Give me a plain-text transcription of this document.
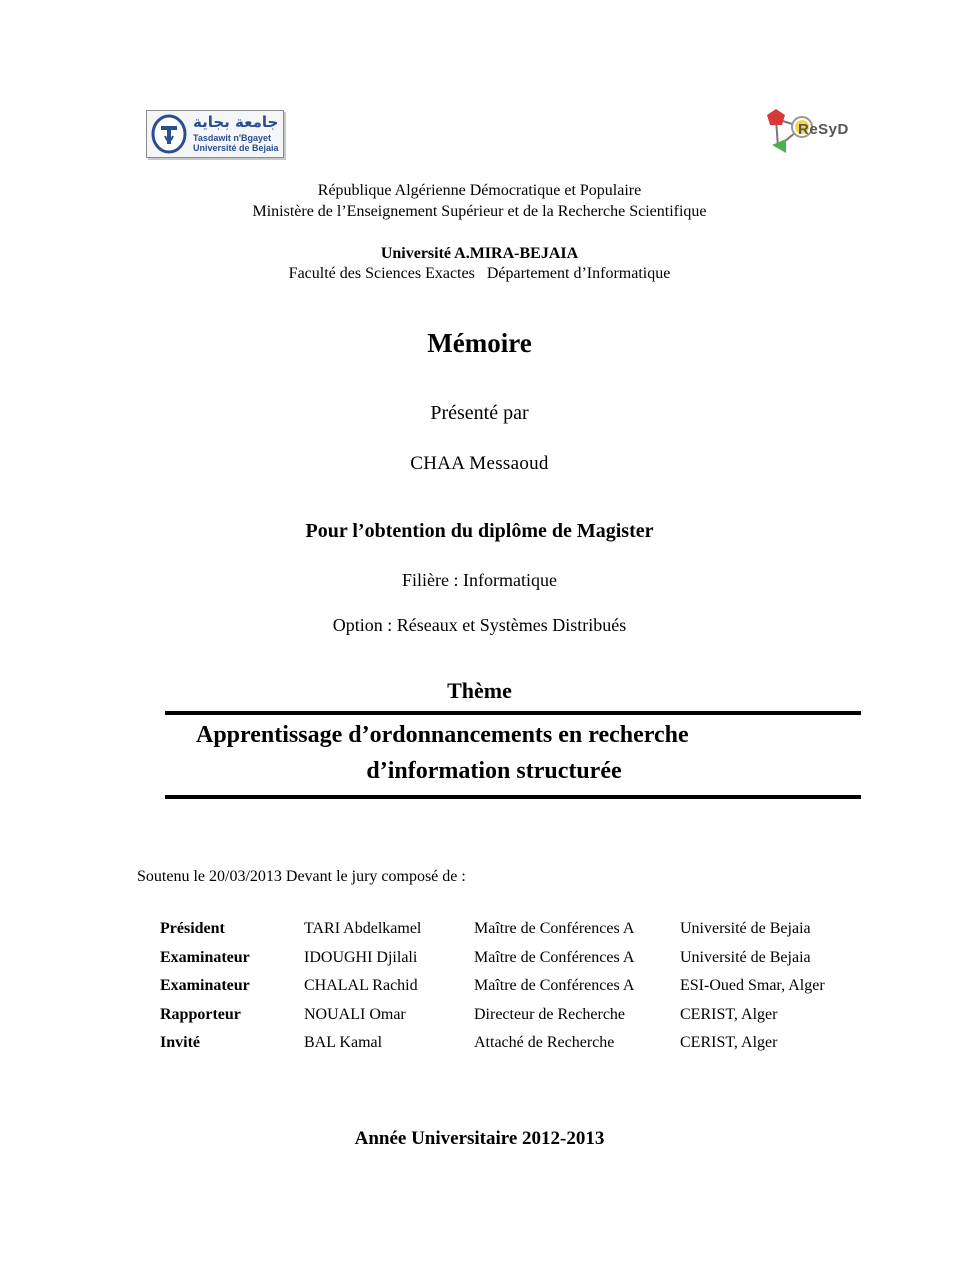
جامعة بجاية
Tasdawit n'Bgayet
Université de Bejaia
ReSyD
République Algérienne Démocratique et Populaire
Ministère de l’Enseignement Supérieur et de la Recherche Scientifique
Université A.MIRA-BEJAIA
Faculté des Sciences Exactes Département d’Informatique
Mémoire
Présenté par
CHAA Messaoud
Pour l’obtention du diplôme de Magister
Filière : Informatique
Option : Réseaux et Systèmes Distribués
Thème
Apprentissage d’ordonnancements en recherche
d’information structurée
Soutenu le 20/03/2013 Devant le jury composé de :
Président	TARI Abdelkamel	Maître de Conférences A	Université de Bejaia
Examinateur	IDOUGHI Djilali	Maître de Conférences A	Université de Bejaia
Examinateur	CHALAL Rachid	Maître de Conférences A	ESI-Oued Smar, Alger
Rapporteur	NOUALI Omar	Directeur de Recherche	CERIST, Alger
Invité	BAL Kamal	Attaché de Recherche	CERIST, Alger
Année Universitaire 2012-2013
